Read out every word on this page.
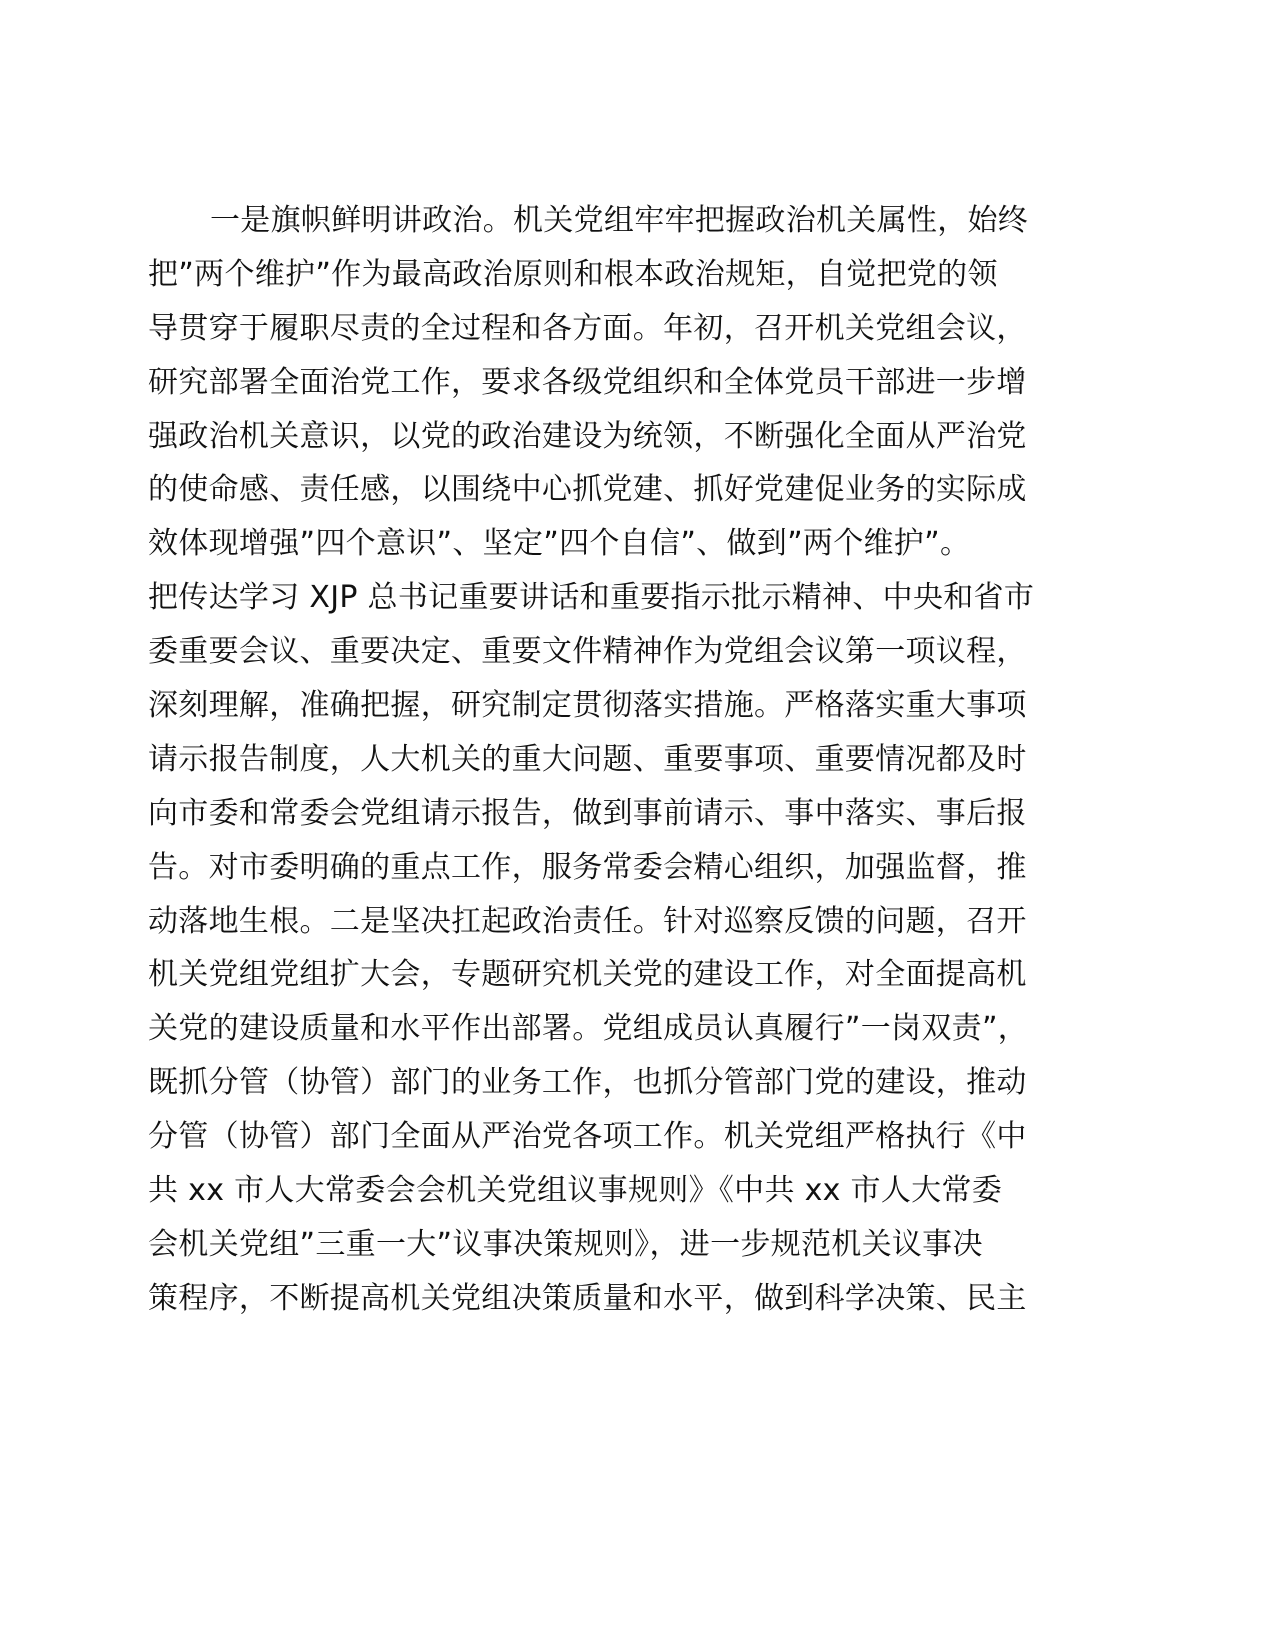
一是旗帜鲜明讲政治。机关党组牢牢把握政治机关属性，始终
把”两个维护”作为最高政治原则和根本政治规矩，自觉把党的领
导贯穿于履职尽责的全过程和各方面。年初，召开机关党组会议，
研究部署全面治党工作，要求各级党组织和全体党员干部进一步增
强政治机关意识，以党的政治建设为统领，不断强化全面从严治党
的使命感、责任感，以围绕中心抓党建、抓好党建促业务的实际成
效体现增强”四个意识”、坚定”四个自信”、做到”两个维护”。
把传达学习 XJP 总书记重要讲话和重要指示批示精神、中央和省市
委重要会议、重要决定、重要文件精神作为党组会议第一项议程，
深刻理解，准确把握，研究制定贯彻落实措施。严格落实重大事项
请示报告制度，人大机关的重大问题、重要事项、重要情况都及时
向市委和常委会党组请示报告，做到事前请示、事中落实、事后报
告。对市委明确的重点工作，服务常委会精心组织，加强监督，推
动落地生根。二是坚决扛起政治责任。针对巡察反馈的问题，召开
机关党组党组扩大会，专题研究机关党的建设工作，对全面提高机
关党的建设质量和水平作出部署。党组成员认真履行”一岗双责”，
既抓分管（协管）部门的业务工作，也抓分管部门党的建设，推动
分管（协管）部门全面从严治党各项工作。机关党组严格执行《中
共 xx 市人大常委会会机关党组议事规则》《中共 xx 市人大常委
会机关党组”三重一大”议事决策规则》，进一步规范机关议事决
策程序，不断提高机关党组决策质量和水平，做到科学决策、民主
